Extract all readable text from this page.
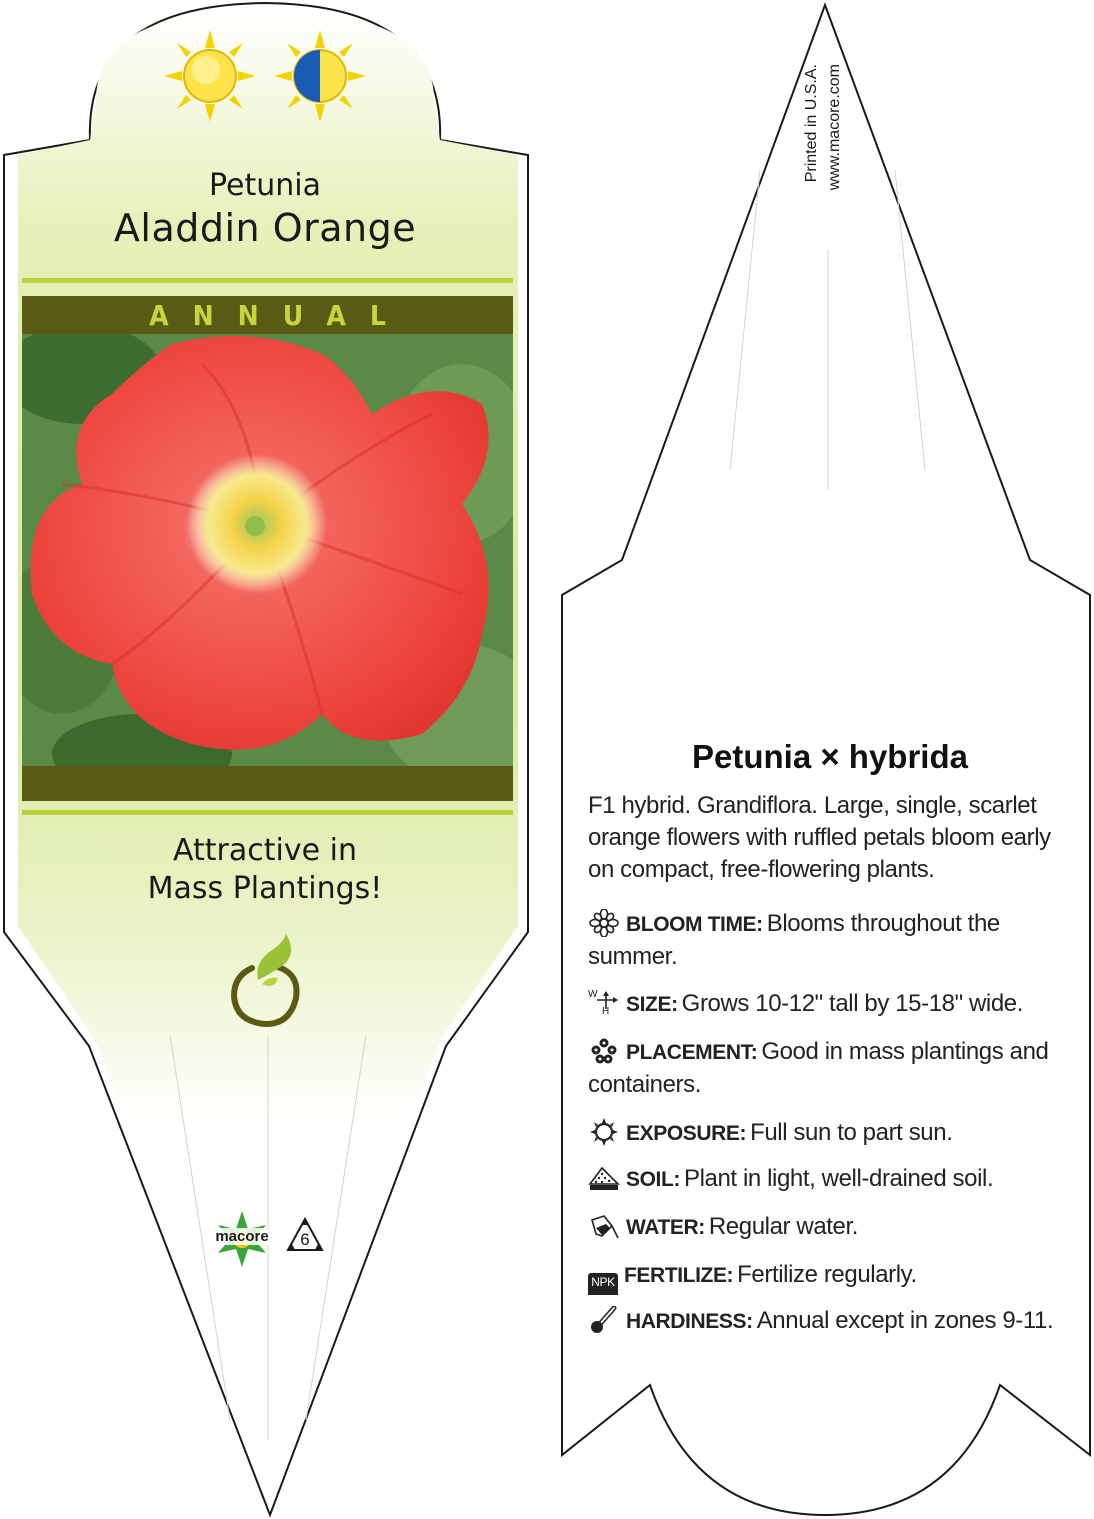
Petunia
Aladdin Orange
ANNUAL
Attractive in
Mass Plantings!
macore	6
Printed in U.S.A. www.macore.com
Petunia × hybrida
F1 hybrid. Grandiflora. Large, single, scarlet orange flowers with ruffled petals bloom early on compact, free-flowering plants.
BLOOM TIME: Blooms throughout the summer.
W
H SIZE: Grows 10-12" tall by 15-18" wide.
PLACEMENT: Good in mass plantings and containers.
EXPOSURE: Full sun to part sun.
SOIL: Plant in light, well-drained soil.
WATER: Regular water.
NPK FERTILIZE: Fertilize regularly.
HARDINESS: Annual except in zones 9-11.
